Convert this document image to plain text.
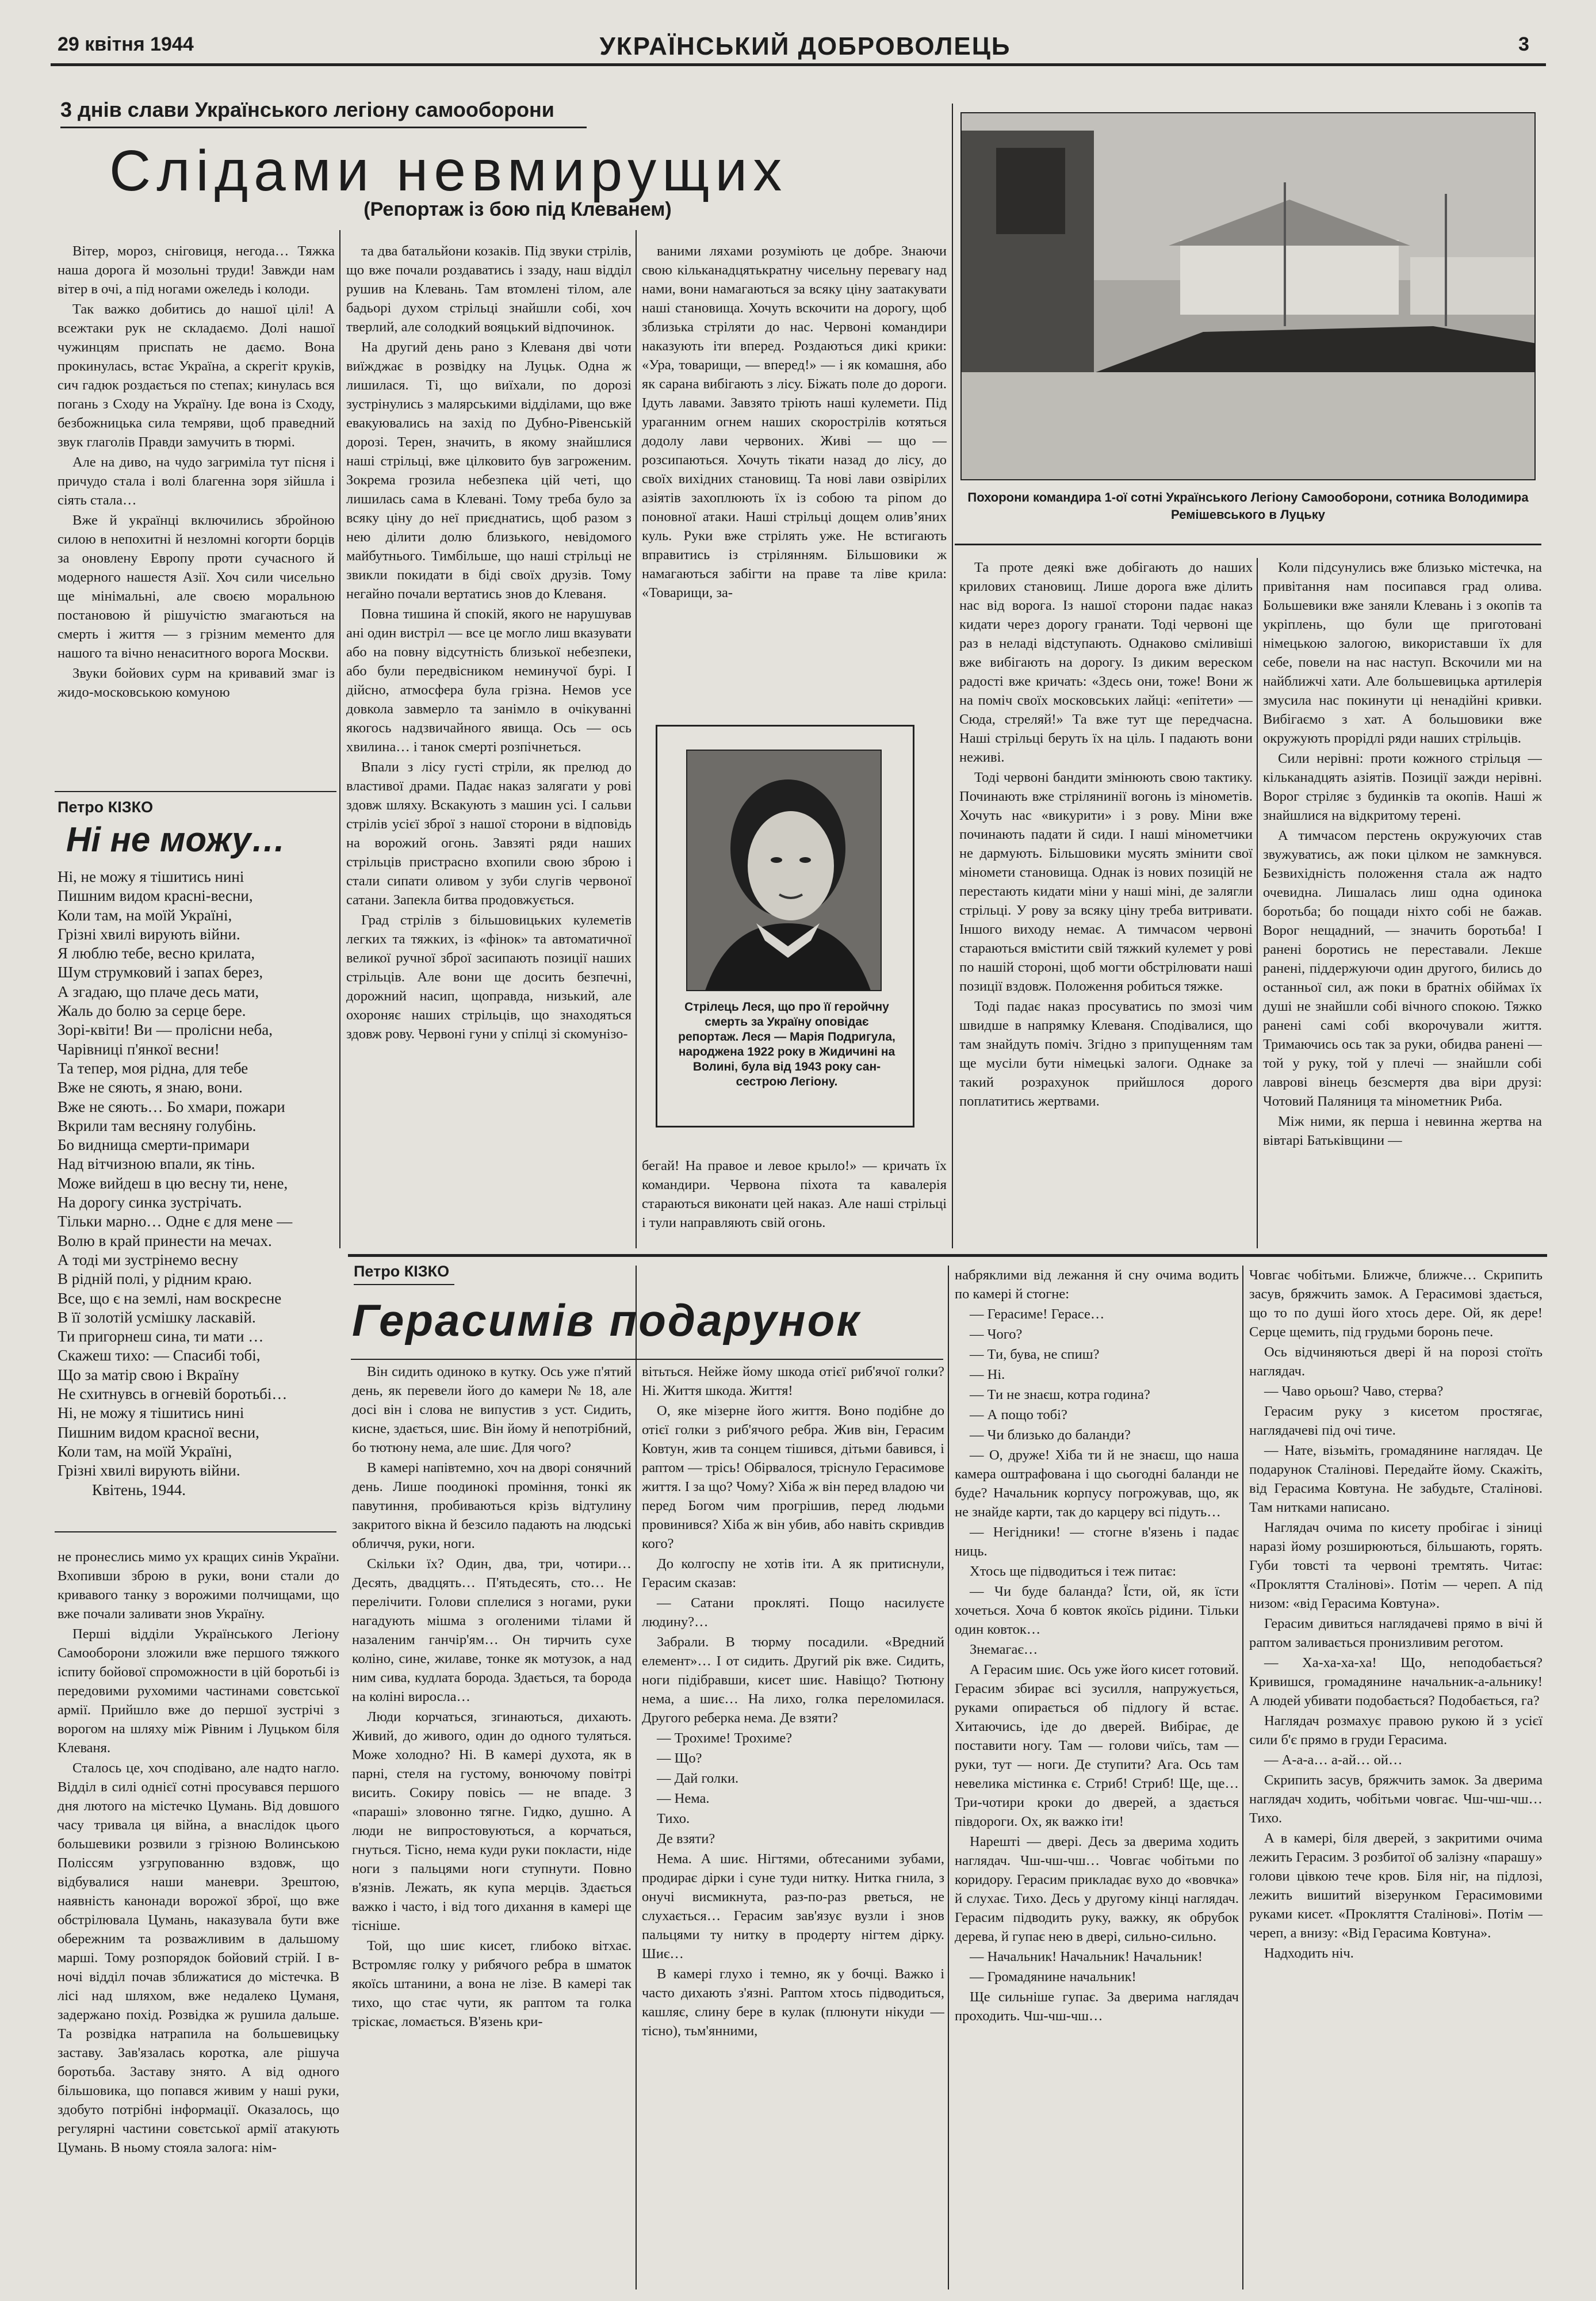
29 квітня 1944	УКРАЇНСЬКИЙ ДОБРОВОЛЕЦЬ	3
3 днів слави Українського легіону самооборони
Слідами невмирущих
(Репортаж із бою під Клеванем)

Вітер, мороз, сніговиця, негода… Тяжка наша дорога й мозольні труди! Завжди нам вітер в очі, а під ногами ожеледь і колоди.

Так важко добитись до нашої цілі! А всежтаки рук не складаємо. Долі нашої чужинцям приспать не даємо. Вона прокинулась, встає Україна, а скрегіт круків, сич гадюк роздається по степах; кинулась вся погань з Сходу на Україну. Іде вона із Сходу, безбожницька сила темряви, щоб праведний звук глаголів Правди замучить в тюрмі.

Але на диво, на чудо загриміла тут пісня і причудо стала і волі благенна зоря зійшла і сіять стала…

Вже й українці включились збройною силою в непохитні й незломні когорти борців за оновлену Европу проти сучасного й модерного нашестя Азії. Хоч сили чисельно ще мінімальні, але своєю моральною постановою й рішучістю змагаються на смерть і життя — з грізним мементо для нашого та вічно ненаситного ворога Москви.

Звуки бойових сурм на кривавий змаг із жидо-московською комуною

та два батальйони козаків. Під звуки стрілів, що вже почали роздаватись і ззаду, наш відділ рушив на Клевань. Там втомлені тілом, але бадьорі духом стрільці знайшли собі, хоч тверлий, але солодкий вояцький відпочинок.

На другий день рано з Клеваня дві чоти виїжджає в розвідку на Луцьк. Одна ж лишилася. Ті, що виїхали, по дорозі зустрінулись з малярськими відділами, що вже евакуювались на захід по Дубно-Рівенській дорозі. Терен, значить, в якому знайшлися наші стрільці, вже цілковито був загроженим. Зокрема грозила небезпека цій четі, що лишилась сама в Клевані. Тому треба було за всяку ціну до неї приєднатись, щоб разом з нею ділити долю близького, невідомого майбутнього. Тимбільше, що наші стрільці не звикли покидати в біді своїх друзів. Тому негайно почали вертатись знов до Клеваня.

Повна тишина й спокій, якого не нарушував ані один вистріл — все це могло лиш вказувати або на повну відсутність близької небезпеки, або були передвісником неминучої бурі. І дійсно, атмосфера була грізна. Немов усе довкола завмерло та занімло в очікуванні якогось надзвичайного явища. Ось — ось хвилина… і танок смерті розпічнеться.

Впали з лісу густі стріли, як прелюд до властивої драми. Падає наказ залягати у рові здовж шляху. Вскакують з машин усі. І сальви стрілів усієї зброї з нашої сторони в відповідь на ворожий огонь. Завзяті ряди наших стрільців пристрасно вхопили свою зброю і стали сипати оливом у зуби слугів червоної сатани. Запекла битва продовжується.

Град стрілів з більшовицьких кулеметів легких та тяжких, із «фінок» та автоматичної великої ручної зброї засипають позиції наших стрільців. Але вони ще досить безпечні, дорожний насип, щоправда, низький, але охороняє наших стрільців, що знаходяться здовж рову. Червоні гуни у спілці зі скомунізо-

ваними ляхами розуміють це добре. Знаючи свою кільканадцятькратну чисельну перевагу над нами, вони намагаються за всяку ціну заатакувати наші становища. Хочуть вскочити на дорогу, щоб зблизька стріляти до нас. Червоні командири наказують іти вперед. Роздаються дикі крики: «Ура, товарищи, — вперед!» — і як комашня, або як сарана вибігають з лісу. Біжать поле до дороги. Ідуть лавами. Завзято тріють наші кулемети. Під ураганним огнем наших скорострілів котяться додолу лави червоних. Живі — що — розсипаються. Хочуть тікати назад до лісу, до своїх вихідних становищ. Та нові лави озвірілих азіятів захоплюють їх із собою та ріпом до поновної атаки. Наші стрільці дощем олив’яних куль. Руки вже стрілять уже. Не встигають вправитись із стрілянням. Більшовики ж намагаються забігти на праве та ліве крила: «Товарищи, за-

Стрілець Леся, що про її геройчну смерть за Україну оповідає репортаж. Леся — Марія Подригула, народжена 1922 року в Жидичині на Волині, була від 1943 року сан-сестрою Легіону.

бегай! На правое и левое крыло!» — кричать їх командири. Червона піхота та кавалерія стараються виконати цей наказ. Але наші стрільці і тули направляють свій огонь.

Похорони командира 1-ої сотні Українського Легіону Самооборони, сотника Володимира Ремішевського в Луцьку

Та проте деякі вже добігають до наших крилових становищ. Лише дорога вже ділить нас від ворога. Із нашої сторони падає наказ кидати через дорогу гранати. Тоді червоні ще раз в неладі відступають. Однаково сміливіші вже вибігають на дорогу. Із диким вереском радості вже кричать: «Здесь они, тоже! Вони ж на поміч своїх московських лайці: «епітети» — Сюда, стреляй!» Та вже тут ще передчасна. Наші стрільці беруть їх на ціль. І падають вони неживі.

Тоді червоні бандити змінюють свою тактику. Починають вже стрілянинії вогонь із мінометів. Хочуть нас «викурити» і з рову. Міни вже починають падати й сиди. І наші мінометчики не дармують. Більшовики мусять змінити свої міномети становища. Однак із нових позицій не перестають кидати міни у наші міні, де залягли стрільці. У рову за всяку ціну треба витривати. Іншого виходу немає. А тимчасом червоні стараються вмістити свій тяжкий кулемет у рові по нашій стороні, щоб могти обстрілювати наші позиції вздовж. Положення робиться тяжке.

Тоді падає наказ просуватись по змозі чим швидше в напрямку Клеваня. Сподівалися, що там знайдуть поміч. Згідно з припущенням там ще мусіли бути німецькі залоги. Однаке за такий розрахунок прийшлося дорого поплатитись жертвами.

Коли підсунулись вже близько містечка, на привітання нам посипався град олива. Большевики вже заняли Клевань і з окопів та укріплень, що були ще приготовані німецькою залогою, використавши їх для себе, повели на нас наступ. Вскочили ми на найближчі хати. Але большевицька артилерія змусила нас покинути ці ненадійні кривки. Вибігаємо з хат. А большовики вже окружують прорідлі ряди наших стрільців.

Сили нерівні: проти кожного стрільця — кільканадцять азіятів. Позиції зажди нерівні. Ворог стріляє з будинків та окопів. Наші ж знайшлися на відкритому терені.

А тимчасом перстень окружуючих став звужуватись, аж поки цілком не замкнувся. Безвихідність положення стала аж надто очевидна. Лишалась лиш одна одинока боротьба; бо пощади ніхто собі не бажав. Ворог нещадний, — значить боротьба! І ранені боротись не переставали. Лекше ранені, піддержуючи один другого, бились до останньої сил, аж поки в братніх обіймах їх душі не знайшли собі вічного спокою. Тяжко ранені самі собі вкорочували життя. Тримаючись ось так за руки, обидва ранені — той у руку, той у плечі — знайшли собі лаврові вінець безсмертя два віри друзі: Чотовий Паляниця та мінометник Риба.

Між ними, як перша і невинна жертва на вівтарі Батьківщини —

Петро КІЗКО
Ні не можу…
Ні, не можу я тішитись нині
Пишним видом красні-весни,
Коли там, на моїй Україні,
Грізні хвилі вирують війни.
Я люблю тебе, весно крилата,
Шум струмковий і запах берез,
А згадаю, що плаче десь мати,
Жаль до болю за серце бере.
Зорі-квіти! Ви — пролісни неба,
Чарівниці п'янкої весни!
Та тепер, моя рідна, для тебе
Вже не сяють, я знаю, вони.
Вже не сяють… Бо хмари, пожари
Вкрили там весняну голубінь.
Бо виднища смерти-примари
Над вітчизною впали, як тінь.
Може вийдеш в цю весну ти, нене,
На дорогу синка зустрічать.
Тільки марно… Одне є для мене —
Волю в край принести на мечах.
А тоді ми зустрінемо весну
В рідній полі, у рідним краю.
Все, що є на землі, нам воскресне
В її золотій усмішку ласкавій.
Ти пригорнеш сина, ти мати …
Скажеш тихо: — Спасибі тобі,
Що за матір свою і Вкраїну
Не схитнувсь в огневій боротьбі…
Ні, не можу я тішитись нині
Пишним видом красної весни,
Коли там, на моїй Україні,
Грізні хвилі вирують війни.
Квітень, 1944.

не пронеслись мимо ух кращих синів України. Вхопивши зброю в руки, вони стали до кривавого танку з ворожими полчищами, що вже почали заливати знов Україну.

Перші відділи Українського Легіону Самооборони зложили вже першого тяжкого іспиту бойової спроможности в цій боротьбі із передовими рухомими частинами совєтської армії. Прийшло вже до першої зустрічі з ворогом на шляху між Рівним і Луцьком біля Клеваня.

Сталось це, хоч сподівано, але надто нагло. Відділ в силі однієї сотні просувався першого дня лютого на містечко Цумань. Від довшого часу тривала ця війна, а внаслідок цього большевики розвили з грізною Волинською Поліссям узгрупованню вздовж, що відбувалися наши маневри. Зрештою, наявність канонади ворожої зброї, що вже обстрілювала Цумань, наказувала бути вже обережним та розважливим в дальшому марші. Тому розпорядок бойовий стрій. І в-ночі відділ почав зближатися до містечка. В лісі над шляхом, вже недалеко Цуманя, задержано похід. Розвідка ж рушила дальше. Та розвідка натрапила на большевицьку заставу. Зав'язалась коротка, але рішуча боротьба. Заставу знято. А від одного більшовика, що попався живим у наші руки, здобуто потрібні інформації. Оказалось, що регулярні частини совєтської армії атакують Цумань. В ньому стояла залога: нім-

Петро КІЗКО
Герасимів подарунок

Він сидить одиноко в кутку. Ось уже п'ятий день, як перевели його до камери № 18, але досі він і слова не випустив з уст. Сидить, кисне, здається, шиє. Він йому й непотрібний, бо тютюну нема, але шиє. Для чого?

В камері напівтемно, хоч на дворі сонячний день. Лише поодинокі проміння, тонкі як павутиння, пробиваються крізь відтулину закритого вікна й безсило падають на людські обличчя, руки, ноги.

Скільки їх? Один, два, три, чотири… Десять, двадцять… П'ятьдесять, сто… Не перелічити. Голови сплелися з ногами, руки нагадують мішма з оголеними тілами й назаленим ганчір'ям… Он тирчить сухе коліно, сине, жилаве, тонке як мотузок, а над ним сива, кудлата борода. Здається, та борода на коліні виросла…

Люди корчаться, згинаються, дихають. Живий, до живого, один до одного туляться. Може холодно? Ні. В камері духота, як в парні, стеля на густому, вонючому повітрі висить. Сокиру повісь — не впаде. З «параші» зловонно тягне. Гидко, душно. А люди не випростовуються, а корчаться, гнуться. Тісно, нема куди руки покласти, ніде ноги з пальцями ноги ступнути. Повно в'язнів. Лежать, як купа мерців. Здається важко і часто, і від того дихання в камері ще тісніше.

Той, що шиє кисет, глибоко вітхає. Встромляє голку у рибячого ребра в шматок якоїсь штанини, а вона не лізе. В камері так тихо, що стає чути, як раптом та голка тріскає, ломається. В'язень кри-

вітьться. Нейже йому шкода отієї риб'ячої голки? Ні. Життя шкода. Життя!

О, яке мізерне його життя. Воно подібне до отієї голки з риб'ячого ребра. Жив він, Герасим Ковтун, жив та сонцем тішився, дітьми бавився, і раптом — трісь! Обірвалося, тріснуло Герасимове життя. І за що? Чому? Хіба ж він перед владою чи перед Богом чим прогрішив, перед людьми провинився? Хіба ж він убив, або навіть скривдив кого?

До колгоспу не хотів іти. А як притиснули, Герасим сказав:

— Сатани прокляті. Пощо насилуєте людину?…

Забрали. В тюрму посадили. «Вредний елемент»… І от сидить. Другий рік вже. Сидить, ноги підібравши, кисет шиє. Навіщо? Тютюну нема, а шиє… На лихо, голка переломилася. Другого реберка нема. Де взяти?

— Трохиме! Трохиме?

— Що?

— Дай голки.

— Нема.

Тихо.

Де взяти?

Нема. А шиє. Нігтями, обтесаними зубами, продирає дірки і суне туди нитку. Нитка гнила, з онучі висмикнута, раз-по-раз рветься, не слухається… Герасим зав'язує вузли і знов пальцями ту нитку в продерту нігтем дірку. Шиє…

В камері глухо і темно, як у бочці. Важко і часто дихають з'язні. Раптом хтось підводиться, кашляє, слину бере в кулак (плюнути нікуди — тісно), тьм'янними,

набряклими від лежання й сну очима водить по камері й стогне:

— Герасиме! Герасе…

— Чого?

— Ти, бува, не спиш?

— Ні.

— Ти не знаєш, котра година?

— А пощо тобі?

— Чи близько до баланди?

— О, друже! Хіба ти й не знаєш, що наша камера оштрафована і що сьогодні баланди не буде? Начальник корпусу погрожував, що, як не знайде карти, так до карцеру всі підуть…

— Негідники! — стогне в'язень і падає ниць.

Хтось ще підводиться і теж питає:

— Чи буде баланда? Їсти, ой, як їсти хочеться. Хоча б ковток якоїсь рідини. Тільки один ковток…

Знемагає…

А Герасим шиє. Ось уже його кисет готовий. Герасим збирає всі зусилля, напружується, руками опирається об підлогу й встає. Хитаючись, іде до дверей. Вибірає, де поставити ногу. Там — голови чиїсь, там — руки, тут — ноги. Де ступити? Ага. Ось там невелика містинка є. Стриб! Стриб! Ще, ще… Три-чотири кроки до дверей, а здається півдороги. Ох, як важко іти!

Нарешті — двері. Десь за дверима ходить наглядач. Чш-чш-чш… Човгає чобітьми по коридору. Герасим прикладає вухо до «вовчка» й слухає. Тихо. Десь у другому кінці наглядач. Герасим підводить руку, важку, як обрубок дерева, й гупає нею в двері, сильно-сильно.

— Начальник! Начальник! Начальник!

— Громадянине начальник!

Ще сильніше гупає. За дверима наглядач проходить. Чш-чш-чш…

Човгає чобітьми. Ближче, ближче… Скрипить засув, бряжчить замок. А Герасимові здається, що то по душі його хтось дере. Ой, як дере! Серце щемить, під грудьми боронь пече.

Ось відчиняються двері й на порозі стоїть наглядач.

— Чаво орьош? Чаво, стерва?

Герасим руку з кисетом простягає, наглядачеві під очі тиче.

— Нате, візьміть, громадянине наглядач. Це подарунок Сталінові. Передайте йому. Скажіть, від Герасима Ковтуна. Не забудьте, Сталінові. Там нитками написано.

Наглядач очима по кисету пробігає і зіниці наразі йому розширюються, більшають, горять. Губи товсті та червоні тремтять. Читає: «Прокляття Сталінові». Потім — череп. А під низом: «від Герасима Ковтуна».

Герасим дивиться наглядачеві прямо в вічі й раптом заливається пронизливим реготом.

— Ха-ха-ха-ха! Що, неподобається? Кривишся, громадянине начальник-а-альнику! А людей убивати подобається? Подобається, га?

Наглядач розмахує правою рукою й з усієї сили б'є прямо в груди Герасима.

— А-а-а… а-ай… ой…

Скрипить засув, бряжчить замок. За дверима наглядач ходить, чобітьми човгає. Чш-чш-чш… Тихо.

А в камері, біля дверей, з закритими очима лежить Герасим. З розбитої об залізну «парашу» голови цівкою тече кров. Біля ніг, на підлозі, лежить вишитий візерунком Герасимовими руками кисет. «Прокляття Сталінові». Потім — череп, а внизу: «Від Герасима Ковтуна».

Надходить ніч.
